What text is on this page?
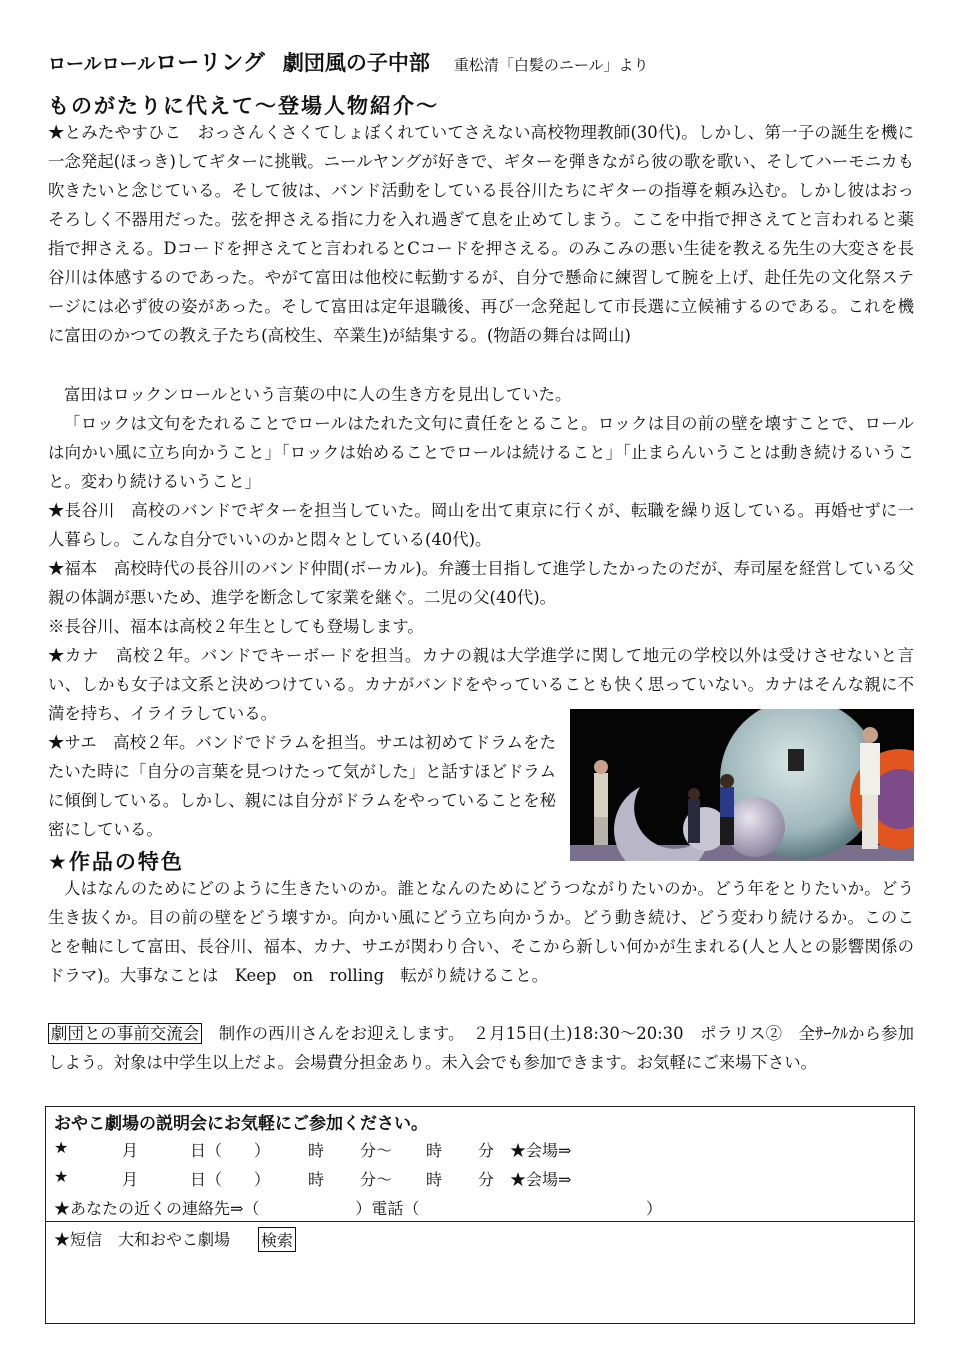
ロールロールローリング 劇団風の子中部 重松清「白髪のニール」より
ものがたりに代えて〜登場人物紹介〜
★とみたやすひこ　おっさんくさくてしょぼくれていてさえない高校物理教師(30代)。しかし、第一子の誕生を機に一念発起(ほっき)してギターに挑戦。ニールヤングが好きで、ギターを弾きながら彼の歌を歌い、そしてハーモニカも吹きたいと念じている。そして彼は、バンド活動をしている長谷川たちにギターの指導を頼み込む。しかし彼はおっそろしく不器用だった。弦を押さえる指に力を入れ過ぎて息を止めてしまう。ここを中指で押さえてと言われると薬指で押さえる。Dコードを押さえてと言われるとCコードを押さえる。のみこみの悪い生徒を教える先生の大変さを長谷川は体感するのであった。やがて富田は他校に転勤するが、自分で懸命に練習して腕を上げ、赴任先の文化祭ステージには必ず彼の姿があった。そして富田は定年退職後、再び一念発起して市長選に立候補するのである。これを機に富田のかつての教え子たち(高校生、卒業生)が結集する。(物語の舞台は岡山)
富田はロックンロールという言葉の中に人の生き方を見出していた。
「ロックは文句をたれることでロールはたれた文句に責任をとること。ロックは目の前の壁を壊すことで、ロールは向かい風に立ち向かうこと」「ロックは始めることでロールは続けること」「止まらんいうことは動き続けるいうこと。変わり続けるいうこと」
★長谷川　高校のバンドでギターを担当していた。岡山を出て東京に行くが、転職を繰り返している。再婚せずに一人暮らし。こんな自分でいいのかと悶々としている(40代)。
★福本　高校時代の長谷川のバンド仲間(ボーカル)。弁護士目指して進学したかったのだが、寿司屋を経営している父親の体調が悪いため、進学を断念して家業を継ぐ。二児の父(40代)。
※長谷川、福本は高校２年生としても登場します。
★カナ　高校２年。バンドでキーボードを担当。カナの親は大学進学に関して地元の学校以外は受けさせないと言い、しかも女子は文系と決めつけている。カナがバンドをやっていることも快く思っていない。カナはそんな親に不満を持ち、イライラしている。
★サエ　高校２年。バンドでドラムを担当。サエは初めてドラムをたたいた時に「自分の言葉を見つけたって気がした」と話すほどドラムに傾倒している。しかし、親には自分がドラムをやっていることを秘密にしている。
★作品の特色
人はなんのためにどのように生きたいのか。誰となんのためにどうつながりたいのか。どう年をとりたいか。どう生き抜くか。目の前の壁をどう壊すか。向かい風にどう立ち向かうか。どう動き続け、どう変わり続けるか。このことを軸にして富田、長谷川、福本、カナ、サエが関わり合い、そこから新しい何かが生まれる(人と人との影響関係のドラマ)。大事なことは　Keep　on　rolling　転がり続けること。
劇団との事前交流会　制作の西川さんをお迎えします。　２月15日(土)18:30〜20:30　ポラリス②　全ｻｰｸﾙから参加しよう。対象は中学生以上だよ。会場費分担金あり。未入会でも参加できます。お気軽にご来場下さい。
おやこ劇場の説明会にお気軽にご参加ください。
★	月	日（　　） 時 分〜 時 分 ★会場⇒
★	月	日（　　） 時 分〜 時 分 ★会場⇒
★あなたの近くの連絡先⇒（　　　　　　）電話（	）
★短信　大和おやこ劇場 検索
